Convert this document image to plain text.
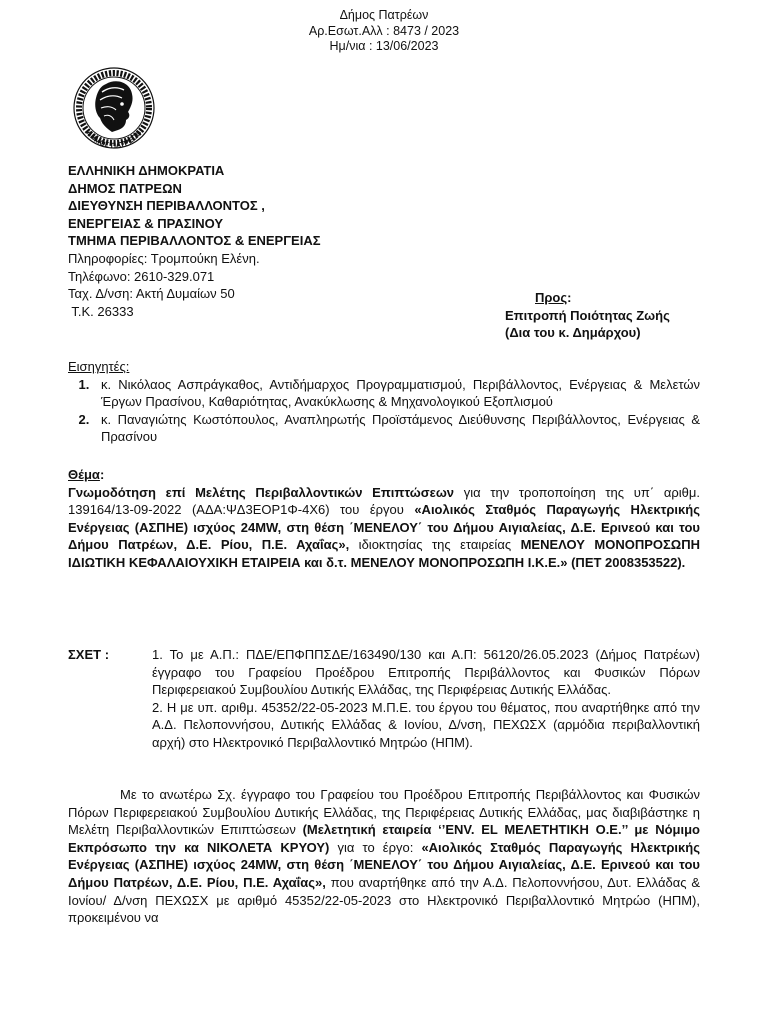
Δήμος Πατρέων
Αρ.Εσωτ.Αλλ : 8473 / 2023
Ημ/νια : 13/06/2023
ΔΗΜΟΣ ΠΑΤΡΕΩΝ
ΕΛΛΗΝΙΚΗ ΔΗΜΟΚΡΑΤΙΑ
ΔΗΜΟΣ ΠΑΤΡΕΩΝ
ΔΙΕΥΘΥΝΣΗ ΠΕΡΙΒΑΛΛΟΝΤΟΣ ,
ΕΝΕΡΓΕΙΑΣ & ΠΡΑΣΙΝΟΥ
ΤΜΗΜΑ ΠΕΡΙΒΑΛΛΟΝΤΟΣ & ΕΝΕΡΓΕΙΑΣ
Πληροφορίες: Τρομπούκη Ελένη.
Τηλέφωνο: 2610-329.071
Ταχ. Δ/νση: Ακτή Δυμαίων 50
Τ.Κ. 26333
Προς:
Επιτροπή Ποιότητας Ζωής
(Δια του κ. Δημάρχου)
Εισηγητές:
1. κ. Νικόλαος Ασπράγκαθος, Αντιδήμαρχος Προγραμματισμού, Περιβάλλοντος, Ενέργειας & Μελετών Έργων Πρασίνου, Καθαριότητας, Ανακύκλωσης & Μηχανολογικού Εξοπλισμού
2. κ. Παναγιώτης Κωστόπουλος, Αναπληρωτής Προϊστάμενος Διεύθυνσης Περιβάλλοντος, Ενέργειας & Πρασίνου
Θέμα:
Γνωμοδότηση επί Μελέτης Περιβαλλοντικών Επιπτώσεων για την τροποποίηση της υπ΄ αριθμ. 139164/13-09-2022 (ΑΔΑ:ΨΔ3ΕΟΡ1Φ-4Χ6) του έργου «Αιολικός Σταθμός Παραγωγής Ηλεκτρικής Ενέργειας (ΑΣΠΗΕ) ισχύος 24MW, στη θέση ΄ΜΕΝΕΛΟΥ΄ του Δήμου Αιγιαλείας, Δ.Ε. Ερινεού και του Δήμου Πατρέων, Δ.Ε. Ρίου, Π.Ε. Αχαΐας», ιδιοκτησίας της εταιρείας ΜΕΝΕΛΟΥ ΜΟΝΟΠΡΟΣΩΠΗ ΙΔΙΩΤΙΚΗ ΚΕΦΑΛΑΙΟΥΧΙΚΗ ΕΤΑΙΡΕΙΑ και δ.τ. ΜΕΝΕΛΟΥ ΜΟΝΟΠΡΟΣΩΠΗ Ι.Κ.Ε.» (ΠΕΤ 2008353522).
ΣΧΕΤ :	1. Το με Α.Π.: ΠΔΕ/ΕΠΦΠΠΣΔΕ/163490/130 και Α.Π: 56120/26.05.2023 (Δήμος Πατρέων) έγγραφο του Γραφείου Προέδρου Επιτροπής Περιβάλλοντος και Φυσικών Πόρων Περιφερειακού Συμβουλίου Δυτικής Ελλάδας, της Περιφέρειας Δυτικής Ελλάδας.
2. Η με υπ. αριθμ. 45352/22-05-2023 Μ.Π.Ε. του έργου του θέματος, που αναρτήθηκε από την Α.Δ. Πελοποννήσου, Δυτικής Ελλάδας & Ιονίου, Δ/νση, ΠΕΧΩΣΧ (αρμόδια περιβαλλοντική αρχή) στο Ηλεκτρονικό Περιβαλλοντικό Μητρώο (ΗΠΜ).
Με το ανωτέρω Σχ. έγγραφο του Γραφείου του Προέδρου Επιτροπής Περιβάλλοντος και Φυσικών Πόρων Περιφερειακού Συμβουλίου Δυτικής Ελλάδας, της Περιφέρειας Δυτικής Ελλάδας, μας διαβιβάστηκε η Μελέτη Περιβαλλοντικών Επιπτώσεων (Μελετητική εταιρεία ‘’ENV. EL ΜΕΛΕΤΗΤΙΚΗ Ο.Ε.’’ με Νόμιμο Εκπρόσωπο την κα ΝΙΚΟΛΕΤΑ ΚΡΥΟΥ) για το έργο: «Αιολικός Σταθμός Παραγωγής Ηλεκτρικής Ενέργειας (ΑΣΠΗΕ) ισχύος 24MW, στη θέση ΄ΜΕΝΕΛΟΥ΄ του Δήμου Αιγιαλείας, Δ.Ε. Ερινεού και του Δήμου Πατρέων, Δ.Ε. Ρίου, Π.Ε. Αχαΐας», που αναρτήθηκε από την Α.Δ. Πελοποννήσου, Δυτ. Ελλάδας & Ιονίου/ Δ/νση ΠΕΧΩΣΧ με αριθμό 45352/22-05-2023 στο Ηλεκτρονικό Περιβαλλοντικό Μητρώο (ΗΠΜ), προκειμένου να
